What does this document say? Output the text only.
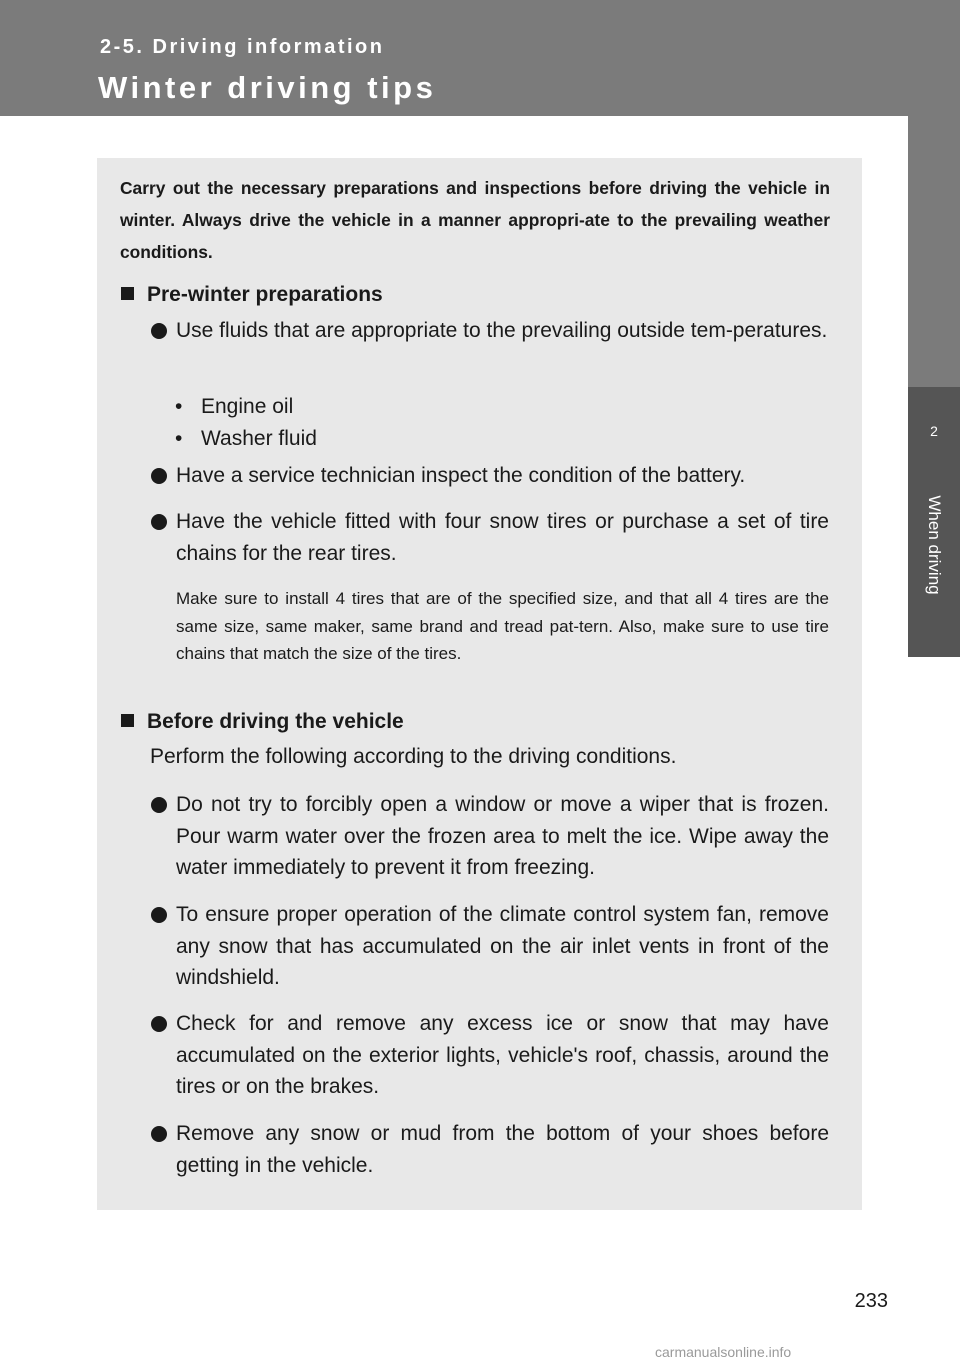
2-5. Driving information
Winter driving tips
2
When driving
Carry out the necessary preparations and inspections before driving the vehicle in winter. Always drive the vehicle in a manner appropri-ate to the prevailing weather conditions.
Pre-winter preparations
Use fluids that are appropriate to the prevailing outside tem-peratures.
• Engine oil
• Washer fluid
Have a service technician inspect the condition of the battery.
Have the vehicle fitted with four snow tires or purchase a set of tire chains for the rear tires.
Make sure to install 4 tires that are of the specified size, and that all 4 tires are the same size, same maker, same brand and tread pat-tern. Also, make sure to use tire chains that match the size of the tires.
Before driving the vehicle
Perform the following according to the driving conditions.
Do not try to forcibly open a window or move a wiper that is frozen. Pour warm water over the frozen area to melt the ice. Wipe away the water immediately to prevent it from freezing.
To ensure proper operation of the climate control system fan, remove any snow that has accumulated on the air inlet vents in front of the windshield.
Check for and remove any excess ice or snow that may have accumulated on the exterior lights, vehicle's roof, chassis, around the tires or on the brakes.
Remove any snow or mud from the bottom of your shoes before getting in the vehicle.
233
carmanualsonline.info
